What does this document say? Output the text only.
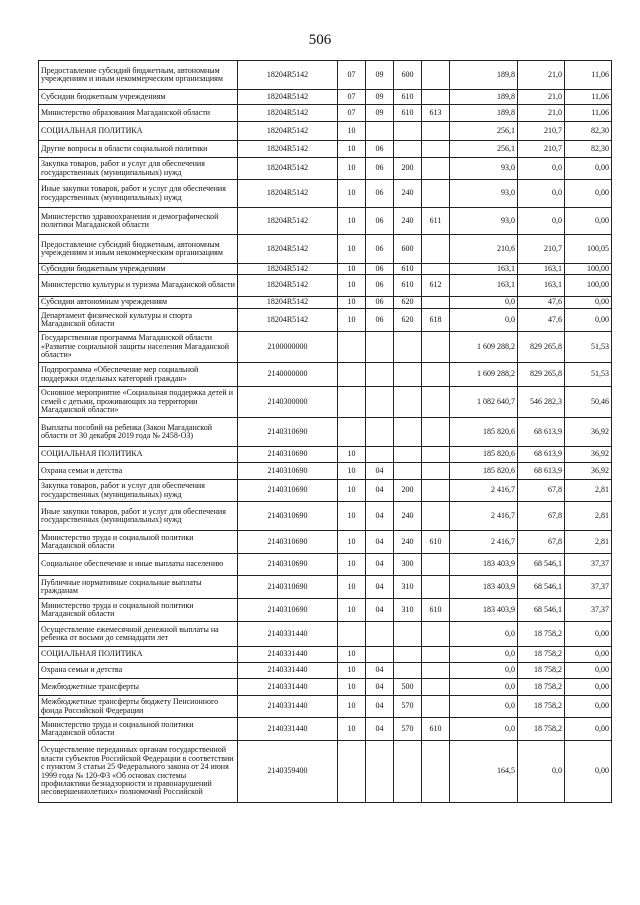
506
Предоставление субсидий бюджетным, автономным учреждениям и иным некоммерческим организациям	18204R5142	07	09	600		189,8	21,0	11,06
Субсидии бюджетным учреждениям	18204R5142	07	09	610		189,8	21,0	11,06
Министерство образования Магаданской области	18204R5142	07	09	610	613	189,8	21,0	11,06
СОЦИАЛЬНАЯ ПОЛИТИКА	18204R5142	10				256,1	210,7	82,30
Другие вопросы в области социальной политики	18204R5142	10	06			256,1	210,7	82,30
Закупка товаров, работ и услуг для обеспечения государственных (муниципальных) нужд	18204R5142	10	06	200		93,0	0,0	0,00
Иные закупки товаров, работ и услуг для обеспечения государственных (муниципальных) нужд	18204R5142	10	06	240		93,0	0,0	0,00
Министерство здравоохранения и демографической политики Магаданской области	18204R5142	10	06	240	611	93,0	0,0	0,00
Предоставление субсидий бюджетным, автономным учреждениям и иным некоммерческим организациям	18204R5142	10	06	600		210,6	210,7	100,05
Субсидии бюджетным учреждениям	18204R5142	10	06	610		163,1	163,1	100,00
Министерство культуры и туризма Магаданской области	18204R5142	10	06	610	612	163,1	163,1	100,00
Субсидии автономным учреждениям	18204R5142	10	06	620		0,0	47,6	0,00
Департамент физической культуры и спорта Магаданской области	18204R5142	10	06	620	618	0,0	47,6	0,00
Государственная программа Магаданской области «Развитие социальной защиты населения Магаданской области»	2100000000					1 609 288,2	829 265,8	51,53
Подпрограмма «Обеспечение мер социальной поддержки отдельных категорий граждан»	2140000000					1 609 288,2	829 265,8	51,53
Основное мероприятие «Социальная поддержка детей и семей с детьми, проживающих на территории Магаданской области»	2140300000					1 082 640,7	546 282,3	50,46
Выплаты пособий на ребенка (Закон Магаданской области от 30 декабря 2019 года № 2458-ОЗ)	2140310690					185 820,6	68 613,9	36,92
СОЦИАЛЬНАЯ ПОЛИТИКА	2140310690	10				185 820,6	68 613,9	36,92
Охрана семьи и детства	2140310690	10	04			185 820,6	68 613,9	36,92
Закупка товаров, работ и услуг для обеспечения государственных (муниципальных) нужд	2140310690	10	04	200		2 416,7	67,8	2,81
Иные закупки товаров, работ и услуг для обеспечения государственных (муниципальных) нужд	2140310690	10	04	240		2 416,7	67,8	2,81
Министерство труда и социальной политики Магаданской области	2140310690	10	04	240	610	2 416,7	67,8	2,81
Социальное обеспечение и иные выплаты населению	2140310690	10	04	300		183 403,9	68 546,1	37,37
Публичные нормативные социальные выплаты гражданам	2140310690	10	04	310		183 403,9	68 546,1	37,37
Министерство труда и социальной политики Магаданской области	2140310690	10	04	310	610	183 403,9	68 546,1	37,37
Осуществление ежемесячной денежной выплаты на ребенка от восьми до семнадцати лет	2140331440					0,0	18 758,2	0,00
СОЦИАЛЬНАЯ ПОЛИТИКА	2140331440	10				0,0	18 758,2	0,00
Охрана семьи и детства	2140331440	10	04			0,0	18 758,2	0,00
Межбюджетные трансферты	2140331440	10	04	500		0,0	18 758,2	0,00
Межбюджетные трансферты бюджету Пенсионного фонда Российской Федерации	2140331440	10	04	570		0,0	18 758,2	0,00
Министерство труда и социальной политики Магаданской области	2140331440	10	04	570	610	0,0	18 758,2	0,00
Осуществление переданных органам государственной власти субъектов Российской Федерации в соответствии с пунктом 3 статьи 25 Федерального закона от 24 июня 1999 года № 120-ФЗ «Об основах системы профилактики безнадзорности и правонарушений несовершеннолетних» полномочий Российской	2140359400					164,5	0,0	0,00
